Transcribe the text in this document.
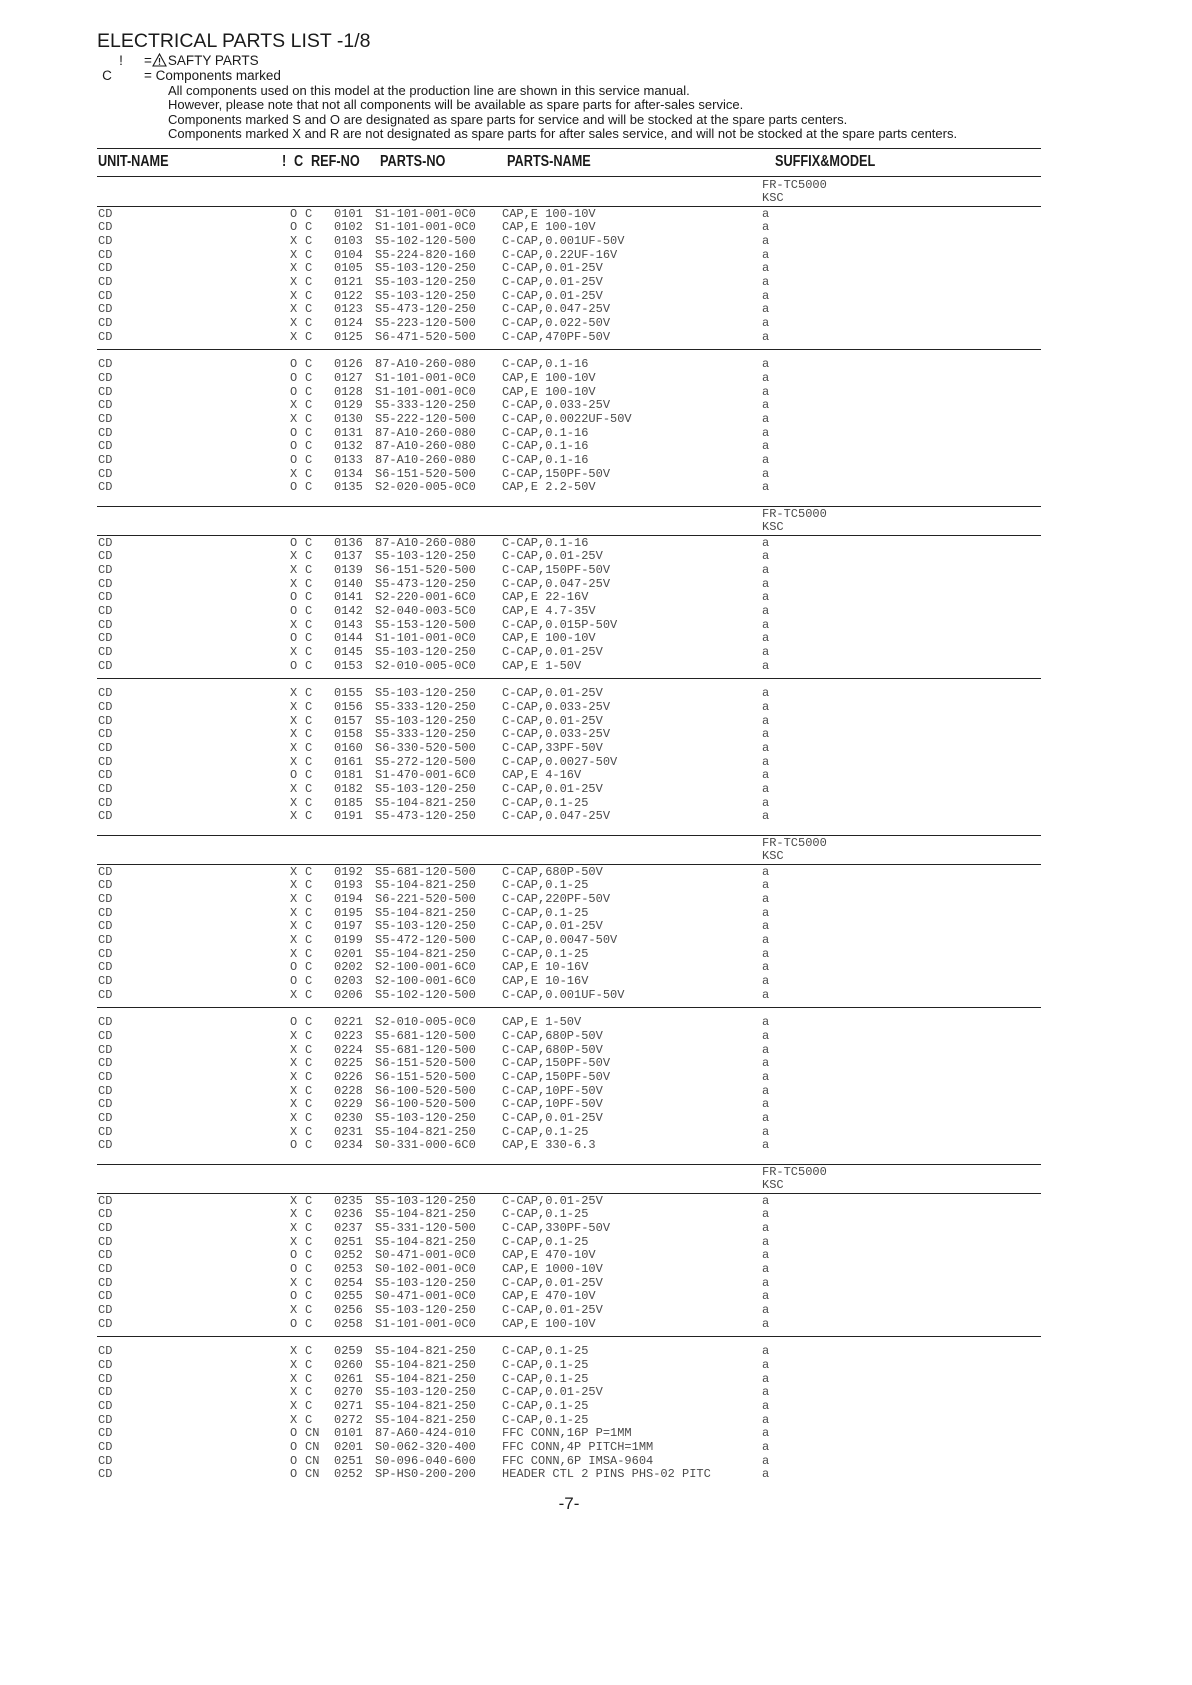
ELECTRICAL PARTS LIST -1/8
!	= SAFTY PARTS
C = Components marked
All components used on this model at the production line are shown in this service manual.
However, please note that not all components will be available as spare parts for after-sales service.
Components marked S and O are designated as spare parts for service and will be stocked at the spare parts centers.
Components marked X and R are not designated as spare parts for after sales service, and will not be stocked at the spare parts centers.
UNIT-NAME	! C REF-NO PARTS-NO	PARTS-NAME	SUFFIX&MODEL
FR-TC5000
KSC
CD	O C 0101 S1-101-001-0C0 CAP,E 100-10V	a
CD	O C 0102 S1-101-001-0C0 CAP,E 100-10V	a
CD	X C 0103 S5-102-120-500 C-CAP,0.001UF-50V	a
CD	X C 0104 S5-224-820-160 C-CAP,0.22UF-16V	a
CD	X C 0105 S5-103-120-250 C-CAP,0.01-25V	a
CD	X C 0121 S5-103-120-250 C-CAP,0.01-25V	a
CD	X C 0122 S5-103-120-250 C-CAP,0.01-25V	a
CD	X C 0123 S5-473-120-250 C-CAP,0.047-25V	a
CD	X C 0124 S5-223-120-500 C-CAP,0.022-50V	a
CD	X C 0125 S6-471-520-500 C-CAP,470PF-50V	a
CD	O C 0126 87-A10-260-080 C-CAP,0.1-16	a
CD	O C 0127 S1-101-001-0C0 CAP,E 100-10V	a
CD	O C 0128 S1-101-001-0C0 CAP,E 100-10V	a
CD	X C 0129 S5-333-120-250 C-CAP,0.033-25V	a
CD	X C 0130 S5-222-120-500 C-CAP,0.0022UF-50V	a
CD	O C 0131 87-A10-260-080 C-CAP,0.1-16	a
CD	O C 0132 87-A10-260-080 C-CAP,0.1-16	a
CD	O C 0133 87-A10-260-080 C-CAP,0.1-16	a
CD	X C 0134 S6-151-520-500 C-CAP,150PF-50V	a
CD	O C 0135 S2-020-005-0C0 CAP,E 2.2-50V	a
FR-TC5000
KSC
CD	O C 0136 87-A10-260-080 C-CAP,0.1-16	a
CD	X C 0137 S5-103-120-250 C-CAP,0.01-25V	a
CD	X C 0139 S6-151-520-500 C-CAP,150PF-50V	a
CD	X C 0140 S5-473-120-250 C-CAP,0.047-25V	a
CD	O C 0141 S2-220-001-6C0 CAP,E 22-16V	a
CD	O C 0142 S2-040-003-5C0 CAP,E 4.7-35V	a
CD	X C 0143 S5-153-120-500 C-CAP,0.015P-50V	a
CD	O C 0144 S1-101-001-0C0 CAP,E 100-10V	a
CD	X C 0145 S5-103-120-250 C-CAP,0.01-25V	a
CD	O C 0153 S2-010-005-0C0 CAP,E 1-50V	a
CD	X C 0155 S5-103-120-250 C-CAP,0.01-25V	a
CD	X C 0156 S5-333-120-250 C-CAP,0.033-25V	a
CD	X C 0157 S5-103-120-250 C-CAP,0.01-25V	a
CD	X C 0158 S5-333-120-250 C-CAP,0.033-25V	a
CD	X C 0160 S6-330-520-500 C-CAP,33PF-50V	a
CD	X C 0161 S5-272-120-500 C-CAP,0.0027-50V	a
CD	O C 0181 S1-470-001-6C0 CAP,E 4-16V	a
CD	X C 0182 S5-103-120-250 C-CAP,0.01-25V	a
CD	X C 0185 S5-104-821-250 C-CAP,0.1-25	a
CD	X C 0191 S5-473-120-250 C-CAP,0.047-25V	a
FR-TC5000
KSC
CD	X C 0192 S5-681-120-500 C-CAP,680P-50V	a
CD	X C 0193 S5-104-821-250 C-CAP,0.1-25	a
CD	X C 0194 S6-221-520-500 C-CAP,220PF-50V	a
CD	X C 0195 S5-104-821-250 C-CAP,0.1-25	a
CD	X C 0197 S5-103-120-250 C-CAP,0.01-25V	a
CD	X C 0199 S5-472-120-500 C-CAP,0.0047-50V	a
CD	X C 0201 S5-104-821-250 C-CAP,0.1-25	a
CD	O C 0202 S2-100-001-6C0 CAP,E 10-16V	a
CD	O C 0203 S2-100-001-6C0 CAP,E 10-16V	a
CD	X C 0206 S5-102-120-500 C-CAP,0.001UF-50V	a
CD	O C 0221 S2-010-005-0C0 CAP,E 1-50V	a
CD	X C 0223 S5-681-120-500 C-CAP,680P-50V	a
CD	X C 0224 S5-681-120-500 C-CAP,680P-50V	a
CD	X C 0225 S6-151-520-500 C-CAP,150PF-50V	a
CD	X C 0226 S6-151-520-500 C-CAP,150PF-50V	a
CD	X C 0228 S6-100-520-500 C-CAP,10PF-50V	a
CD	X C 0229 S6-100-520-500 C-CAP,10PF-50V	a
CD	X C 0230 S5-103-120-250 C-CAP,0.01-25V	a
CD	X C 0231 S5-104-821-250 C-CAP,0.1-25	a
CD	O C 0234 S0-331-000-6C0 CAP,E 330-6.3	a
FR-TC5000
KSC
CD	X C 0235 S5-103-120-250 C-CAP,0.01-25V	a
CD	X C 0236 S5-104-821-250 C-CAP,0.1-25	a
CD	X C 0237 S5-331-120-500 C-CAP,330PF-50V	a
CD	X C 0251 S5-104-821-250 C-CAP,0.1-25	a
CD	O C 0252 S0-471-001-0C0 CAP,E 470-10V	a
CD	O C 0253 S0-102-001-0C0 CAP,E 1000-10V	a
CD	X C 0254 S5-103-120-250 C-CAP,0.01-25V	a
CD	O C 0255 S0-471-001-0C0 CAP,E 470-10V	a
CD	X C 0256 S5-103-120-250 C-CAP,0.01-25V	a
CD	O C 0258 S1-101-001-0C0 CAP,E 100-10V	a
CD	X C 0259 S5-104-821-250 C-CAP,0.1-25	a
CD	X C 0260 S5-104-821-250 C-CAP,0.1-25	a
CD	X C 0261 S5-104-821-250 C-CAP,0.1-25	a
CD	X C 0270 S5-103-120-250 C-CAP,0.01-25V	a
CD	X C 0271 S5-104-821-250 C-CAP,0.1-25	a
CD	X C 0272 S5-104-821-250 C-CAP,0.1-25	a
CD	O CN 0101 87-A60-424-010 FFC CONN,16P P=1MM	a
CD	O CN 0201 S0-062-320-400 FFC CONN,4P PITCH=1MM	a
CD	O CN 0251 S0-096-040-600 FFC CONN,6P IMSA-9604	a
CD	O CN 0252 SP-HS0-200-200 HEADER CTL 2 PINS PHS-02 PITC	a
-7-
